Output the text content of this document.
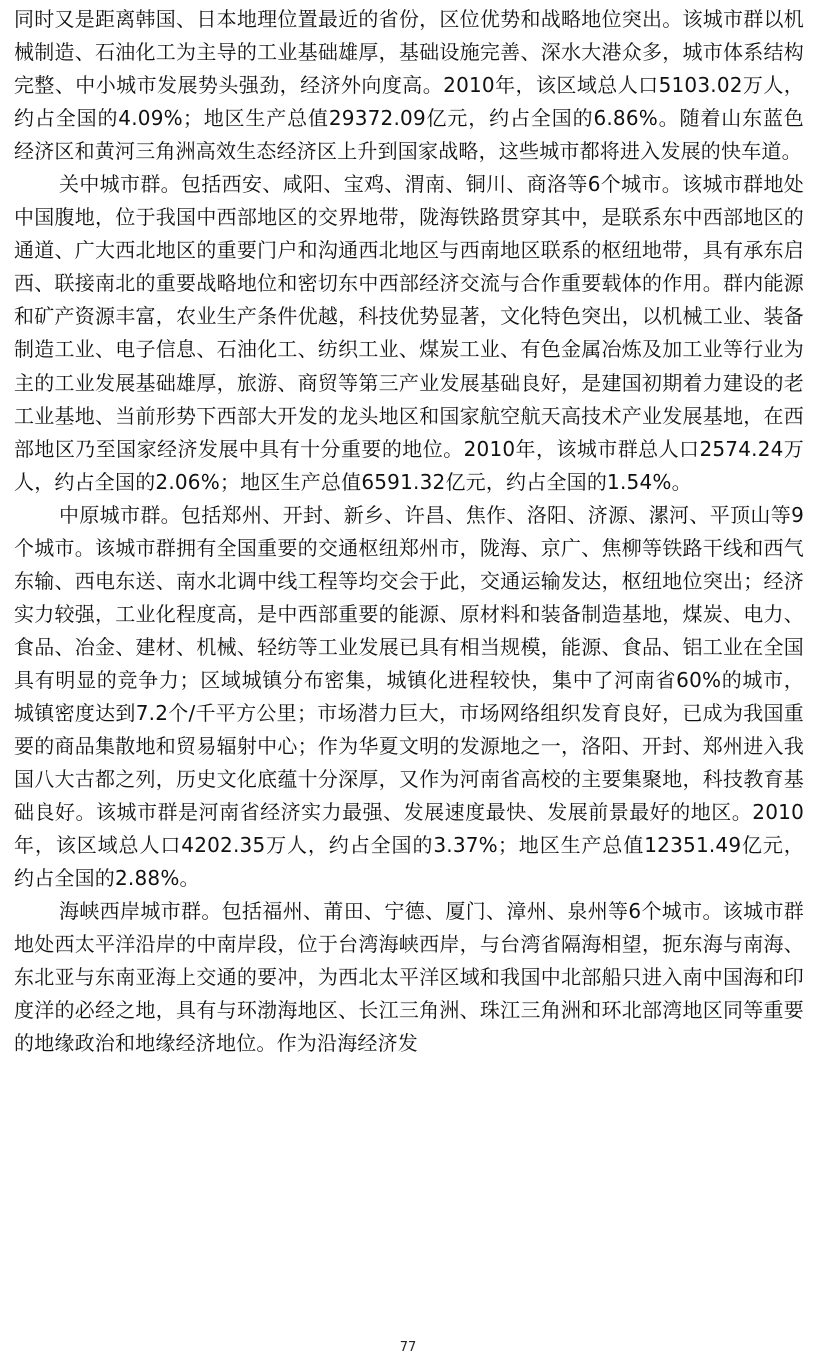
同时又是距离韩国、日本地理位置最近的省份，区位优势和战略地位突出。该城市群以机械制造、石油化工为主导的工业基础雄厚，基础设施完善、深水大港众多，城市体系结构完整、中小城市发展势头强劲，经济外向度高。2010年，该区域总人口5103.02万人，约占全国的4.09%；地区生产总值29372.09亿元，约占全国的6.86%。随着山东蓝色经济区和黄河三角洲高效生态经济区上升到国家战略，这些城市都将进入发展的快车道。

关中城市群。包括西安、咸阳、宝鸡、渭南、铜川、商洛等6个城市。该城市群地处中国腹地，位于我国中西部地区的交界地带，陇海铁路贯穿其中，是联系东中西部地区的通道、广大西北地区的重要门户和沟通西北地区与西南地区联系的枢纽地带，具有承东启西、联接南北的重要战略地位和密切东中西部经济交流与合作重要载体的作用。群内能源和矿产资源丰富，农业生产条件优越，科技优势显著，文化特色突出，以机械工业、装备制造工业、电子信息、石油化工、纺织工业、煤炭工业、有色金属冶炼及加工业等行业为主的工业发展基础雄厚，旅游、商贸等第三产业发展基础良好，是建国初期着力建设的老工业基地、当前形势下西部大开发的龙头地区和国家航空航天高技术产业发展基地，在西部地区乃至国家经济发展中具有十分重要的地位。2010年，该城市群总人口2574.24万人，约占全国的2.06%；地区生产总值6591.32亿元，约占全国的1.54%。

中原城市群。包括郑州、开封、新乡、许昌、焦作、洛阳、济源、漯河、平顶山等9个城市。该城市群拥有全国重要的交通枢纽郑州市，陇海、京广、焦柳等铁路干线和西气东输、西电东送、南水北调中线工程等均交会于此，交通运输发达，枢纽地位突出；经济实力较强，工业化程度高，是中西部重要的能源、原材料和装备制造基地，煤炭、电力、食品、冶金、建材、机械、轻纺等工业发展已具有相当规模，能源、食品、铝工业在全国具有明显的竞争力；区域城镇分布密集，城镇化进程较快，集中了河南省60%的城市，城镇密度达到7.2个/千平方公里；市场潜力巨大，市场网络组织发育良好，已成为我国重要的商品集散地和贸易辐射中心；作为华夏文明的发源地之一，洛阳、开封、郑州进入我国八大古都之列，历史文化底蕴十分深厚，又作为河南省高校的主要集聚地，科技教育基础良好。该城市群是河南省经济实力最强、发展速度最快、发展前景最好的地区。2010年，该区域总人口4202.35万人，约占全国的3.37%；地区生产总值12351.49亿元，约占全国的2.88%。

海峡西岸城市群。包括福州、莆田、宁德、厦门、漳州、泉州等6个城市。该城市群地处西太平洋沿岸的中南岸段，位于台湾海峡西岸，与台湾省隔海相望，扼东海与南海、东北亚与东南亚海上交通的要冲，为西北太平洋区域和我国中北部船只进入南中国海和印度洋的必经之地，具有与环渤海地区、长江三角洲、珠江三角洲和环北部湾地区同等重要的地缘政治和地缘经济地位。作为沿海经济发

77
